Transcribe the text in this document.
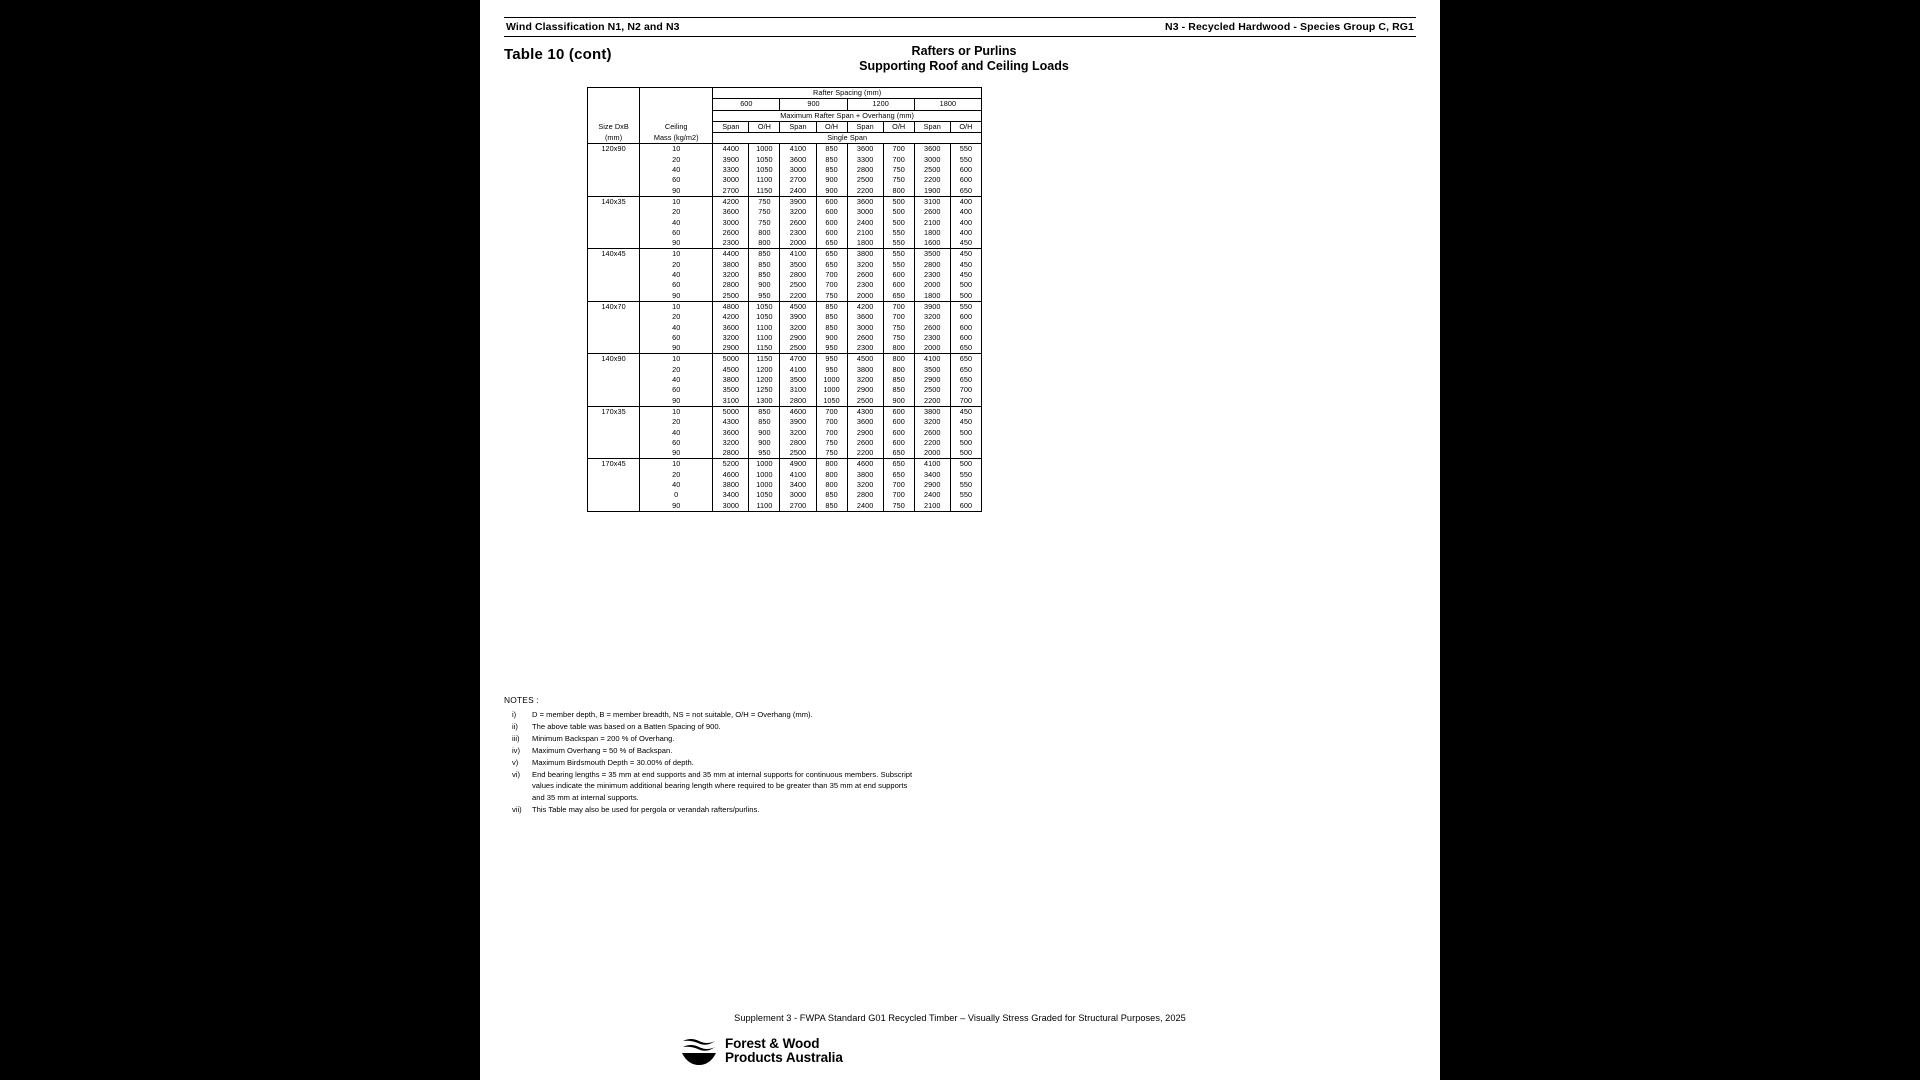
Wind Classification N1, N2 and N3	N3 - Recycled Hardwood - Species Group C, RG1
Table 10 (cont)	Rafters or Purlins
Supporting Roof and Ceiling Loads
		Rafter Spacing (mm)							
		600		900		1200		1800	
		Maximum Rafter Span + Overhang (mm)							
Size DxB	Ceiling	Span	O/H	Span	O/H	Span	O/H	Span	O/H
(mm)	Mass (kg/m2)	Single Span							
120x90	10	4400	1000	4100	850	3600	700	3600	550
	20	3900	1050	3600	850	3300	700	3000	550
	40	3300	1050	3000	850	2800	750	2500	600
	60	3000	1100	2700	900	2500	750	2200	600
	90	2700	1150	2400	900	2200	800	1900	650
140x35	10	4200	750	3900	600	3600	500	3100	400
	20	3600	750	3200	600	3000	500	2600	400
	40	3000	750	2600	600	2400	500	2100	400
	60	2600	800	2300	600	2100	550	1800	400
	90	2300	800	2000	650	1800	550	1600	450
140x45	10	4400	850	4100	650	3800	550	3500	450
	20	3800	850	3500	650	3200	550	2800	450
	40	3200	850	2800	700	2600	600	2300	450
	60	2800	900	2500	700	2300	600	2000	500
	90	2500	950	2200	750	2000	650	1800	500
140x70	10	4800	1050	4500	850	4200	700	3900	550
	20	4200	1050	3900	850	3600	700	3200	600
	40	3600	1100	3200	850	3000	750	2600	600
	60	3200	1100	2900	900	2600	750	2300	600
	90	2900	1150	2500	950	2300	800	2000	650
140x90	10	5000	1150	4700	950	4500	800	4100	650
	20	4500	1200	4100	950	3800	800	3500	650
	40	3800	1200	3500	1000	3200	850	2900	650
	60	3500	1250	3100	1000	2900	850	2500	700
	90	3100	1300	2800	1050	2500	900	2200	700
170x35	10	5000	850	4600	700	4300	600	3800	450
	20	4300	850	3900	700	3600	600	3200	450
	40	3600	900	3200	700	2900	600	2600	500
	60	3200	900	2800	750	2600	600	2200	500
	90	2800	950	2500	750	2200	650	2000	500
170x45	10	5200	1000	4900	800	4600	650	4100	500
	20	4600	1000	4100	800	3800	650	3400	550
	40	3800	1000	3400	800	3200	700	2900	550
	0	3400	1050	3000	850	2800	700	2400	550
	90	3000	1100	2700	850	2400	750	2100	600
NOTES :
i)	D = member depth, B = member breadth, NS = not suitable, O/H = Overhang (mm).
ii)	The above table was based on a Batten Spacing of 900.
iii)	Minimum Backspan = 200 % of Overhang.
iv)	Maximum Overhang = 50 % of Backspan.
v)	Maximum Birdsmouth Depth = 30.00% of depth.
vi)	End bearing lengths = 35 mm at end supports and 35 mm at internal supports for continuous members. Subscript
values indicate the minimum additional bearing length where required to be greater than 35 mm at end supports
and 35 mm at internal supports.
vii)	This Table may also be used for pergola or verandah rafters/purlins.
Supplement 3 - FWPA Standard G01 Recycled Timber – Visually Stress Graded for Structural Purposes, 2025
Forest & Wood
Products Australia
